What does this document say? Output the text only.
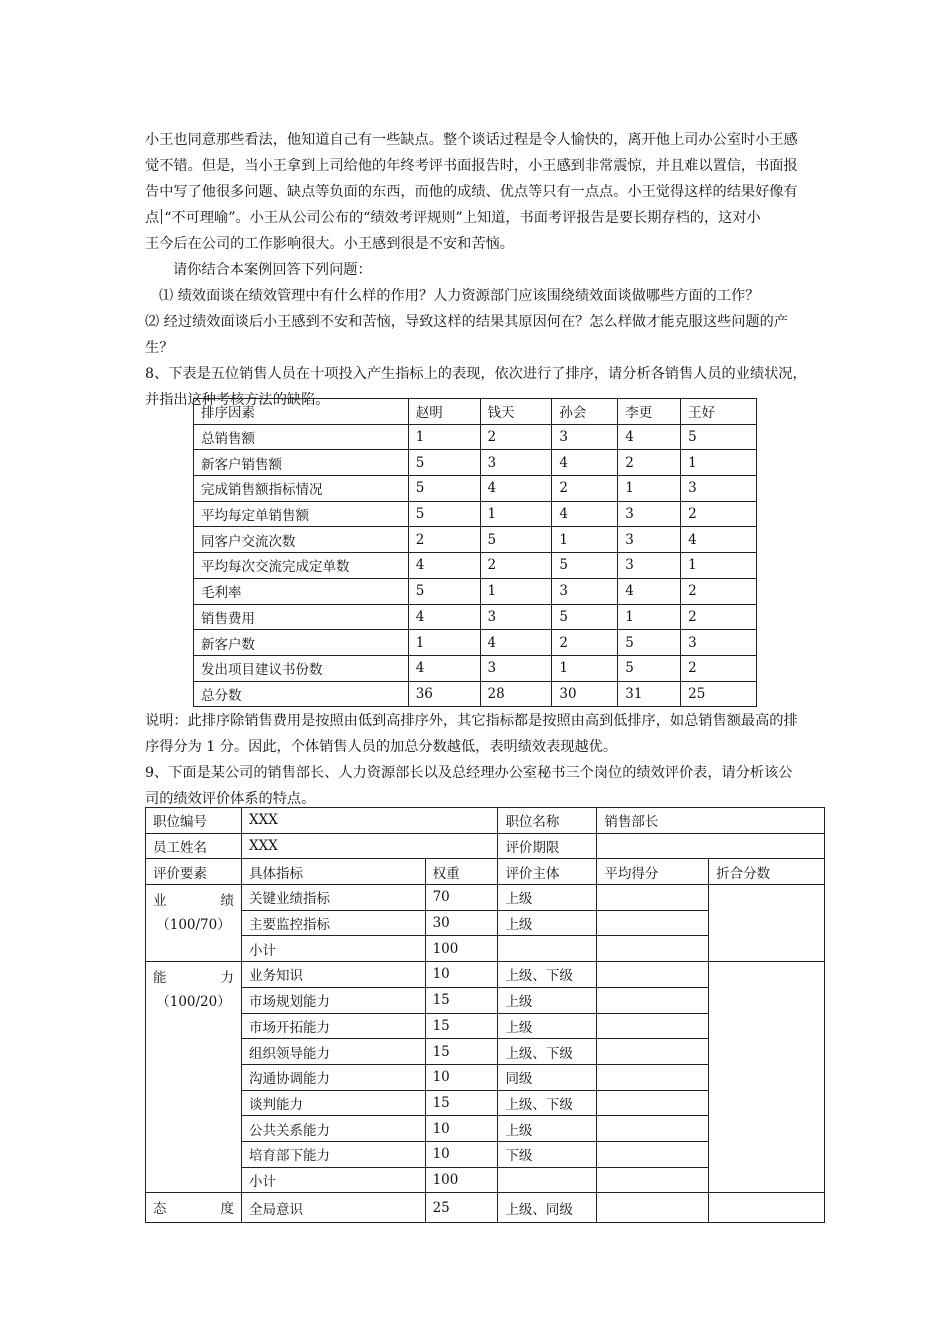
小王也同意那些看法，他知道自己有一些缺点。整个谈话过程是令人愉快的，离开他上司办公室时小王感
觉不错。但是，当小王拿到上司给他的年终考评书面报告时，小王感到非常震惊，并且难以置信，书面报
告中写了他很多问题、缺点等负面的东西，而他的成绩、优点等只有一点点。小王觉得这样的结果好像有
点 “不可理喻”。小王从公司公布的“绩效考评规则”上知道，书面考评报告是要长期存档的，这对小
王今后在公司的工作影响很大。小王感到很是不安和苦恼。
请你结合本案例回答下列问题：
⑴ 绩效面谈在绩效管理中有什么样的作用？人力资源部门应该围绕绩效面谈做哪些方面的工作？
⑵ 经过绩效面谈后小王感到不安和苦恼，导致这样的结果其原因何在？怎么样做才能克服这些问题的产
生？
8、下表是五位销售人员在十项投入产生指标上的表现，依次进行了排序，请分析各销售人员的业绩状况，
并指出这种考核方法的缺陷。
排序因素	赵明	钱天	孙会	李更	王好
总销售额	1	2	3	4	5
新客户销售额	5	3	4	2	1
完成销售额指标情况	5	4	2	1	3
平均每定单销售额	5	1	4	3	2
同客户交流次数	2	5	1	3	4
平均每次交流完成定单数	4	2	5	3	1
毛利率	5	1	3	4	2
销售费用	4	3	5	1	2
新客户数	1	4	2	5	3
发出项目建议书份数	4	3	1	5	2
总分数	36	28	30	31	25
说明：此排序除销售费用是按照由低到高排序外，其它指标都是按照由高到低排序，如总销售额最高的排
序得分为 1 分。因此，个体销售人员的加总分数越低，表明绩效表现越优。
9、下面是某公司的销售部长、人力资源部长以及总经理办公室秘书三个岗位的绩效评价表，请分析该公
司的绩效评价体系的特点。
职位编号	XXX		职位名称	销售部长	
员工姓名	XXX		评价期限		
评价要素	具体指标	权重	评价主体	平均得分	折合分数

业绩
（100/70）	关键业绩指标	70	上级		
	主要监控指标	30	上级		
	小计	100			

能力
（100/20）	业务知识	10	上级、下级		
	市场规划能力	15	上级		
	市场开拓能力	15	上级		
	组织领导能力	15	上级、下级		
	沟通协调能力	10	同级		
	谈判能力	15	上级、下级		
	公共关系能力	10	上级		
	培育部下能力	10	下级		
	小计	100			

态度	全局意识	25	上级、同级		
